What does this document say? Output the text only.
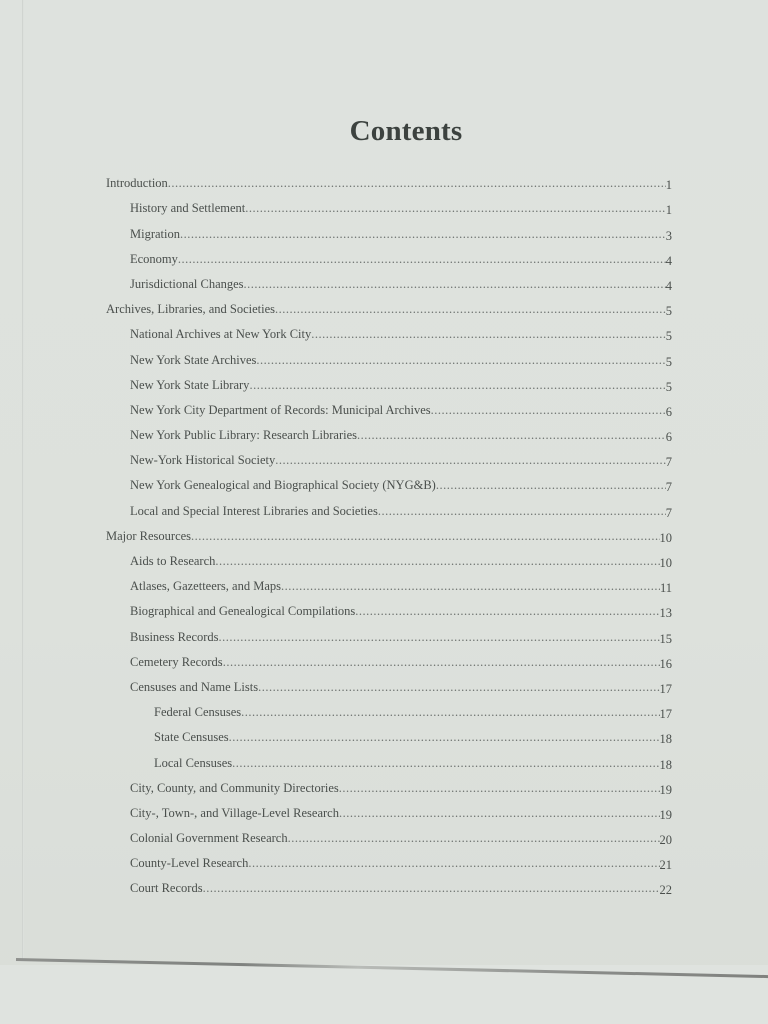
Contents
Introduction .....	1
History and Settlement .....	1
Migration .....	3
Economy .....	4
Jurisdictional Changes .....	4
Archives, Libraries, and Societies .....	5
National Archives at New York City .....	5
New York State Archives .....	5
New York State Library .....	5
New York City Department of Records: Municipal Archives .....	6
New York Public Library: Research Libraries .....	6
New-York Historical Society .....	7
New York Genealogical and Biographical Society (NYG&B) .....	7
Local and Special Interest Libraries and Societies .....	7
Major Resources .....	10
Aids to Research .....	10
Atlases, Gazetteers, and Maps .....	11
Biographical and Genealogical Compilations .....	13
Business Records .....	15
Cemetery Records .....	16
Censuses and Name Lists .....	17
Federal Censuses .....	17
State Censuses .....	18
Local Censuses .....	18
City, County, and Community Directories .....	19
City-, Town-, and Village-Level Research .....	19
Colonial Government Research .....	20
County-Level Research .....	21
Court Records .....	22
